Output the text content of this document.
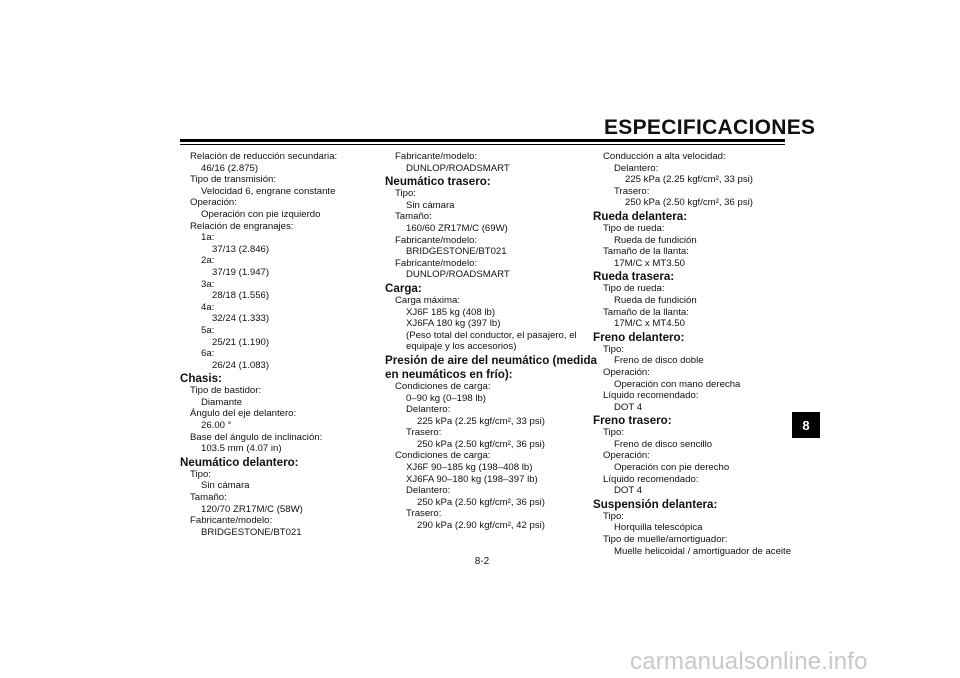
ESPECIFICACIONES
Relación de reducción secundaria:
46/16 (2.875)
Tipo de transmisión:
Velocidad 6, engrane constante
Operación:
Operación con pie izquierdo
Relación de engranajes:
1a:
37/13 (2.846)
2a:
37/19 (1.947)
3a:
28/18 (1.556)
4a:
32/24 (1.333)
5a:
25/21 (1.190)
6a:
26/24 (1.083)
Chasis:
Tipo de bastidor:
Diamante
Ángulo del eje delantero:
26.00 °
Base del ángulo de inclinación:
103.5 mm (4.07 in)
Neumático delantero:
Tipo:
Sin cámara
Tamaño:
120/70 ZR17M/C (58W)
Fabricante/modelo:
BRIDGESTONE/BT021
Fabricante/modelo:
DUNLOP/ROADSMART
Neumático trasero:
Tipo:
Sin cámara
Tamaño:
160/60 ZR17M/C (69W)
Fabricante/modelo:
BRIDGESTONE/BT021
Fabricante/modelo:
DUNLOP/ROADSMART
Carga:
Carga máxima:
XJ6F 185 kg (408 lb)
XJ6FA 180 kg (397 lb)
(Peso total del conductor, el pasajero, el
equipaje y los accesorios)
Presión de aire del neumático (medida
en neumáticos en frío):
Condiciones de carga:
0–90 kg (0–198 lb)
Delantero:
225 kPa (2.25 kgf/cm², 33 psi)
Trasero:
250 kPa (2.50 kgf/cm², 36 psi)
Condiciones de carga:
XJ6F 90–185 kg (198–408 lb)
XJ6FA 90–180 kg (198–397 lb)
Delantero:
250 kPa (2.50 kgf/cm², 36 psi)
Trasero:
290 kPa (2.90 kgf/cm², 42 psi)
Conducción a alta velocidad:
Delantero:
225 kPa (2.25 kgf/cm², 33 psi)
Trasero:
250 kPa (2.50 kgf/cm², 36 psi)
Rueda delantera:
Tipo de rueda:
Rueda de fundición
Tamaño de la llanta:
17M/C x MT3.50
Rueda trasera:
Tipo de rueda:
Rueda de fundición
Tamaño de la llanta:
17M/C x MT4.50
Freno delantero:
Tipo:
Freno de disco doble
Operación:
Operación con mano derecha
Líquido recomendado:
DOT 4
Freno trasero:
Tipo:
Freno de disco sencillo
Operación:
Operación con pie derecho
Líquido recomendado:
DOT 4
Suspensión delantera:
Tipo:
Horquilla telescópica
Tipo de muelle/amortiguador:
Muelle helicoidal / amortiguador de aceite
8-2
8
carmanualsonline.info
